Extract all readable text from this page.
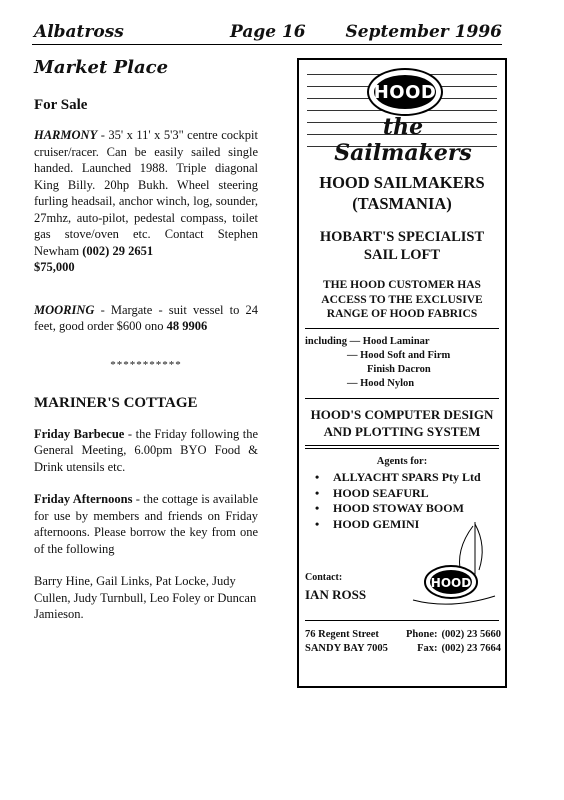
Albatross	Page 16 September 1996
Market Place
For Sale

HARMONY - 35' x 11' x 5'3" centre cockpit cruiser/racer. Can be easily sailed single handed. Launched 1988. Triple diagonal King Billy. 20hp Bukh. Wheel steering furling headsail, anchor winch, log, sounder, 27mhz, auto-pilot, pedestal compass, toilet gas stove/oven etc. Contact Stephen Newham (002) 29 2651
$75,000

MOORING - Margate - suit vessel to 24 feet, good order $600 ono 48 9906

***********
MARINER'S COTTAGE

Friday Barbecue - the Friday following the General Meeting, 6.00pm BYO Food & Drink utensils etc.

Friday Afternoons - the cottage is available for use by members and friends on Friday afternoons. Please borrow the key from one of the following

Barry Hine, Gail Links, Pat Locke, Judy Cullen, Judy Turnbull, Leo Foley or Duncan Jamieson.

HOOD
the Sailmakers
HOOD SAILMAKERS
(TASMANIA)
HOBART'S SPECIALIST
SAIL LOFT
THE HOOD CUSTOMER HAS
ACCESS TO THE EXCLUSIVE
RANGE OF HOOD FABRICS
including — Hood Laminar
— Hood Soft and Firm
Finish Dacron
— Hood Nylon
HOOD'S COMPUTER DESIGN
AND PLOTTING SYSTEM
Agents for:
• ALLYACHT SPARS Pty Ltd
• HOOD SEAFURL
• HOOD STOWAY BOOM
• HOOD GEMINI
HOOD
Contact:
IAN ROSS
76 Regent Street
SANDY BAY 7005
Phone: (002) 23 5660
Fax: (002) 23 7664
